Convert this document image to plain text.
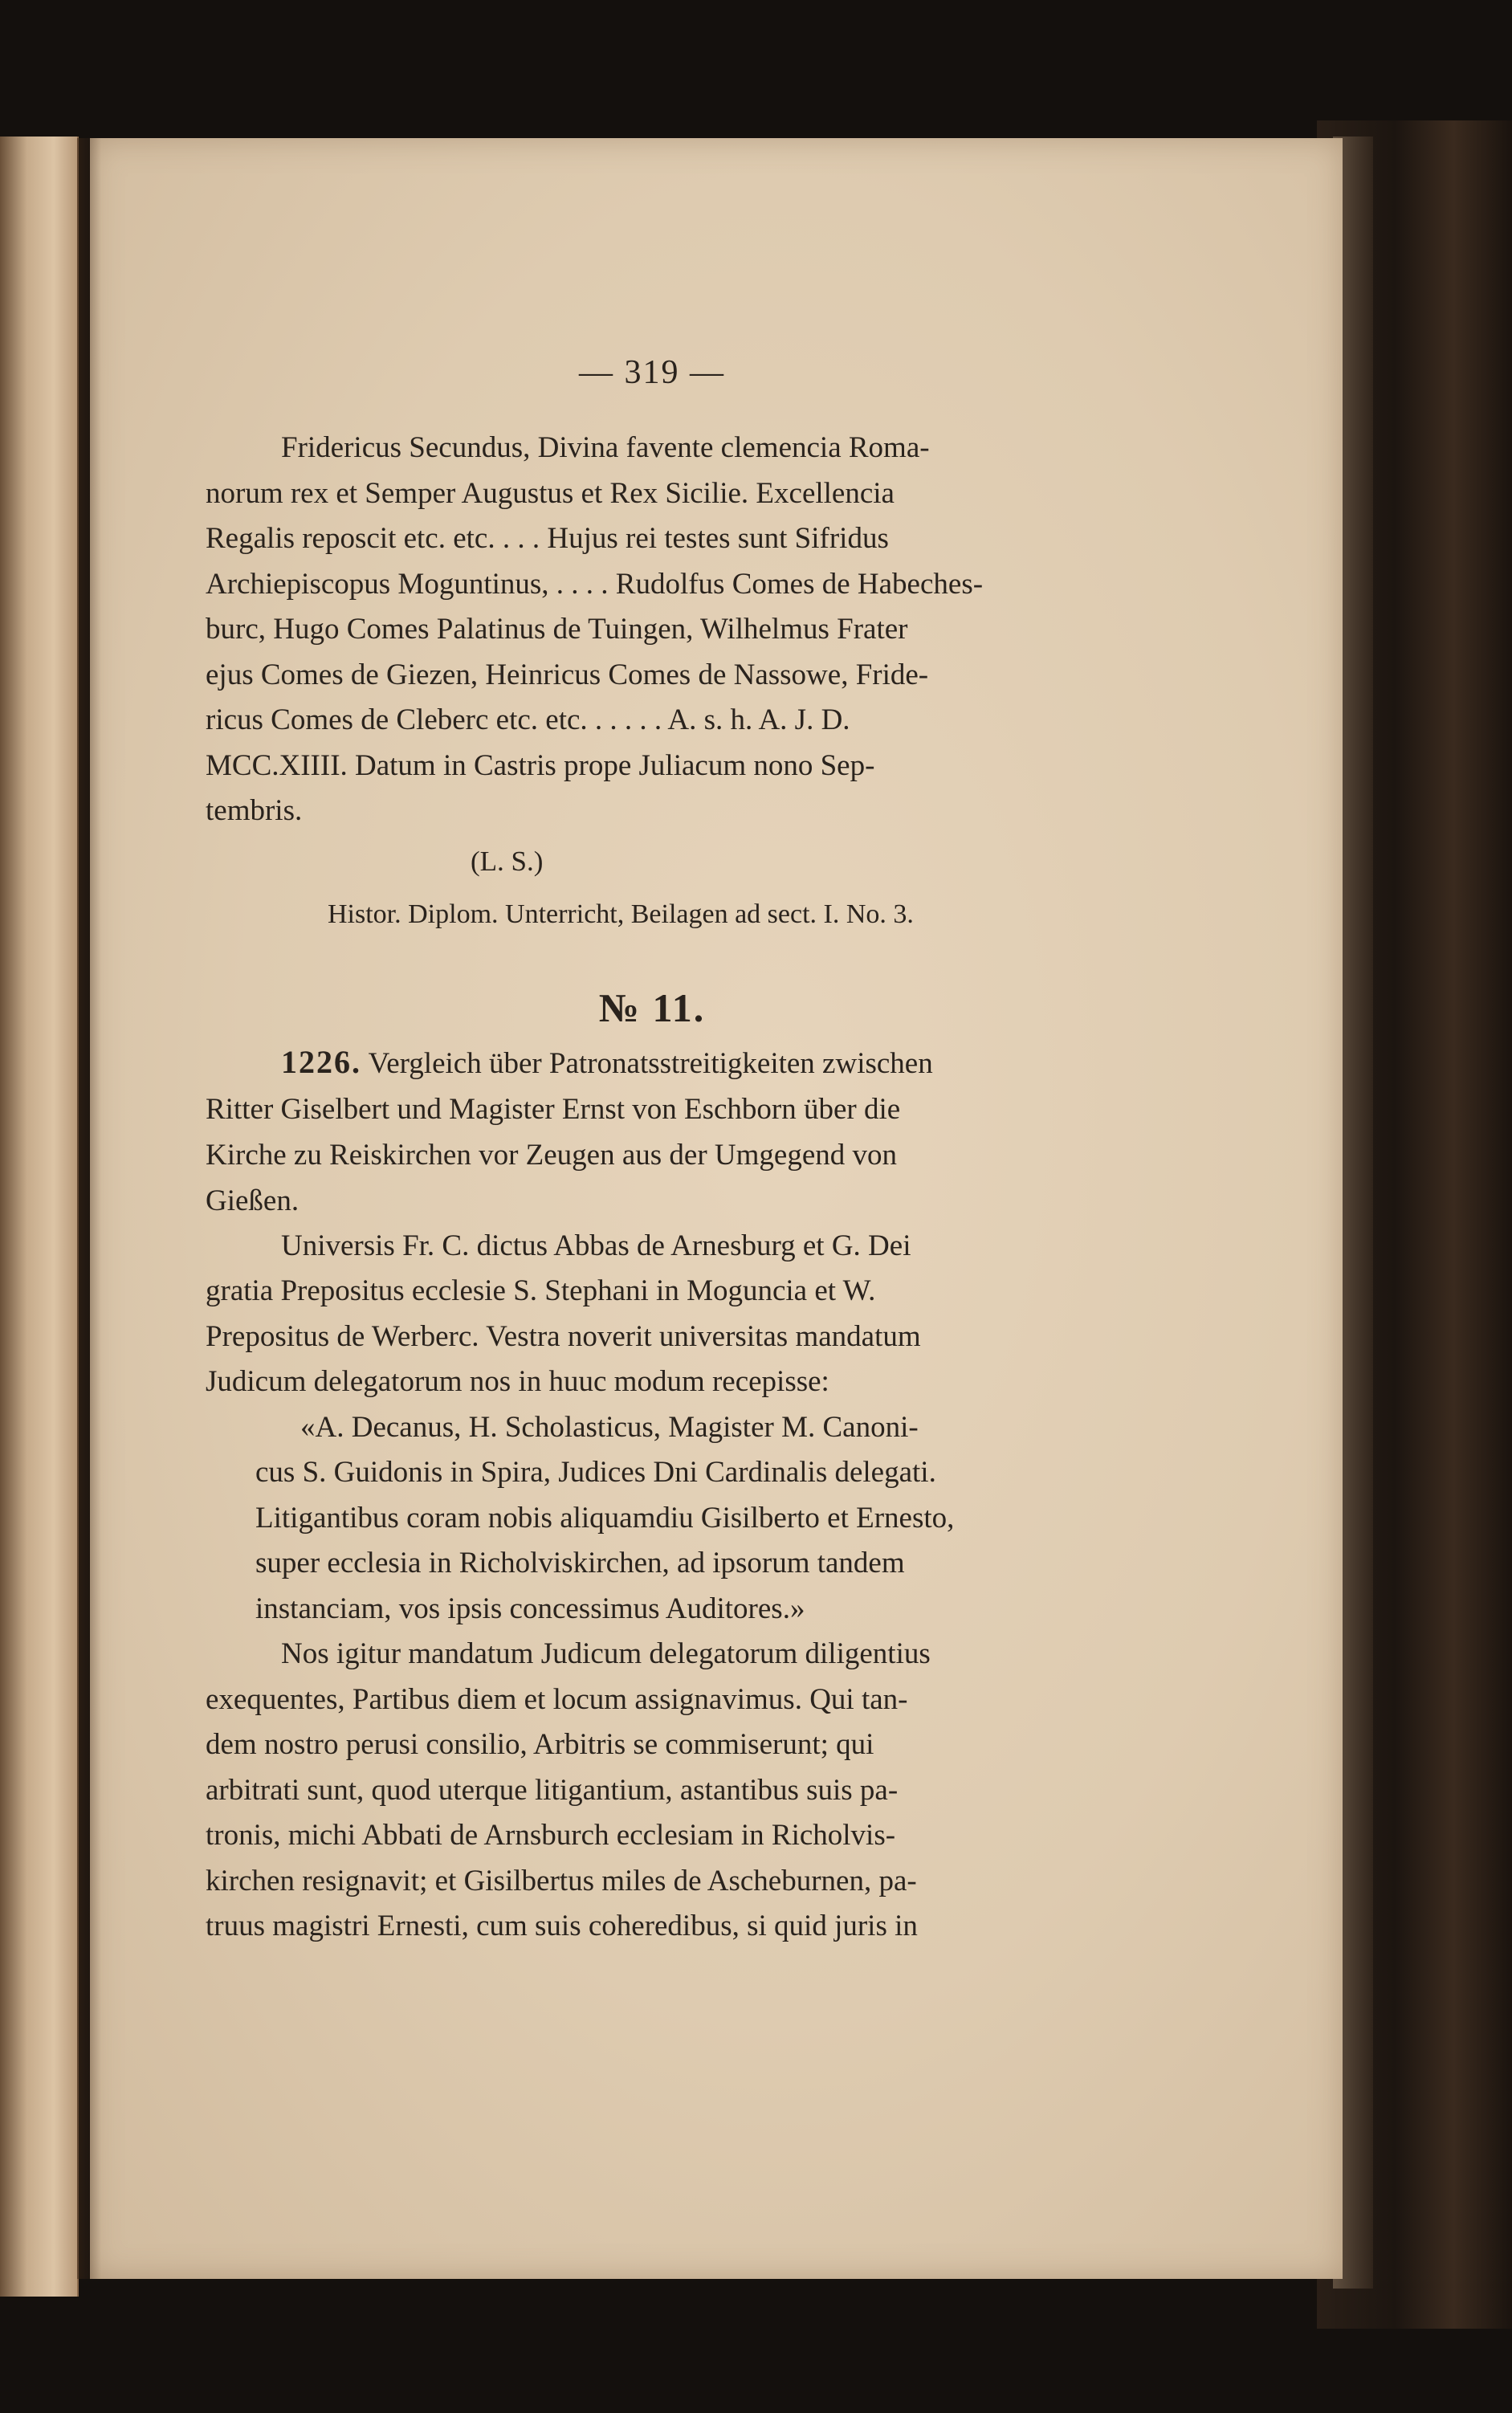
— 319 —

Fridericus Secundus, Divina favente clemencia Roma-

norum rex et Semper Augustus et Rex Sicilie. Excellencia

Regalis reposcit etc. etc. . . . Hujus rei testes sunt Sifridus

Archiepiscopus Moguntinus, . . . . Rudolfus Comes de Habeches-

burc, Hugo Comes Palatinus de Tuingen, Wilhelmus Frater

ejus Comes de Giezen, Heinricus Comes de Nassowe, Fride-

ricus Comes de Cleberc etc. etc. . . . . . A. s. h. A. J. D.

MCC.XIIII. Datum in Castris prope Juliacum nono Sep-

tembris.

(L. S.)

Histor. Diplom. Unterricht, Beilagen ad sect. I. No. 3.

№ 11.

1226. Vergleich über Patronatsstreitigkeiten zwischen

Ritter Giselbert und Magister Ernst von Eschborn über die

Kirche zu Reiskirchen vor Zeugen aus der Umgegend von

Gießen.

Universis Fr. C. dictus Abbas de Arnesburg et G. Dei

gratia Prepositus ecclesie S. Stephani in Moguncia et W.

Prepositus de Werberc. Vestra noverit universitas mandatum

Judicum delegatorum nos in huuc modum recepisse:

«A. Decanus, H. Scholasticus, Magister M. Canoni-

cus S. Guidonis in Spira, Judices Dni Cardinalis delegati.

Litigantibus coram nobis aliquamdiu Gisilberto et Ernesto,

super ecclesia in Richolviskirchen, ad ipsorum tandem

instanciam, vos ipsis concessimus Auditores.»

Nos igitur mandatum Judicum delegatorum diligentius

exequentes, Partibus diem et locum assignavimus. Qui tan-

dem nostro perusi consilio, Arbitris se commiserunt; qui

arbitrati sunt, quod uterque litigantium, astantibus suis pa-

tronis, michi Abbati de Arnsburch ecclesiam in Richolvis-

kirchen resignavit; et Gisilbertus miles de Ascheburnen, pa-

truus magistri Ernesti, cum suis coheredibus, si quid juris in
